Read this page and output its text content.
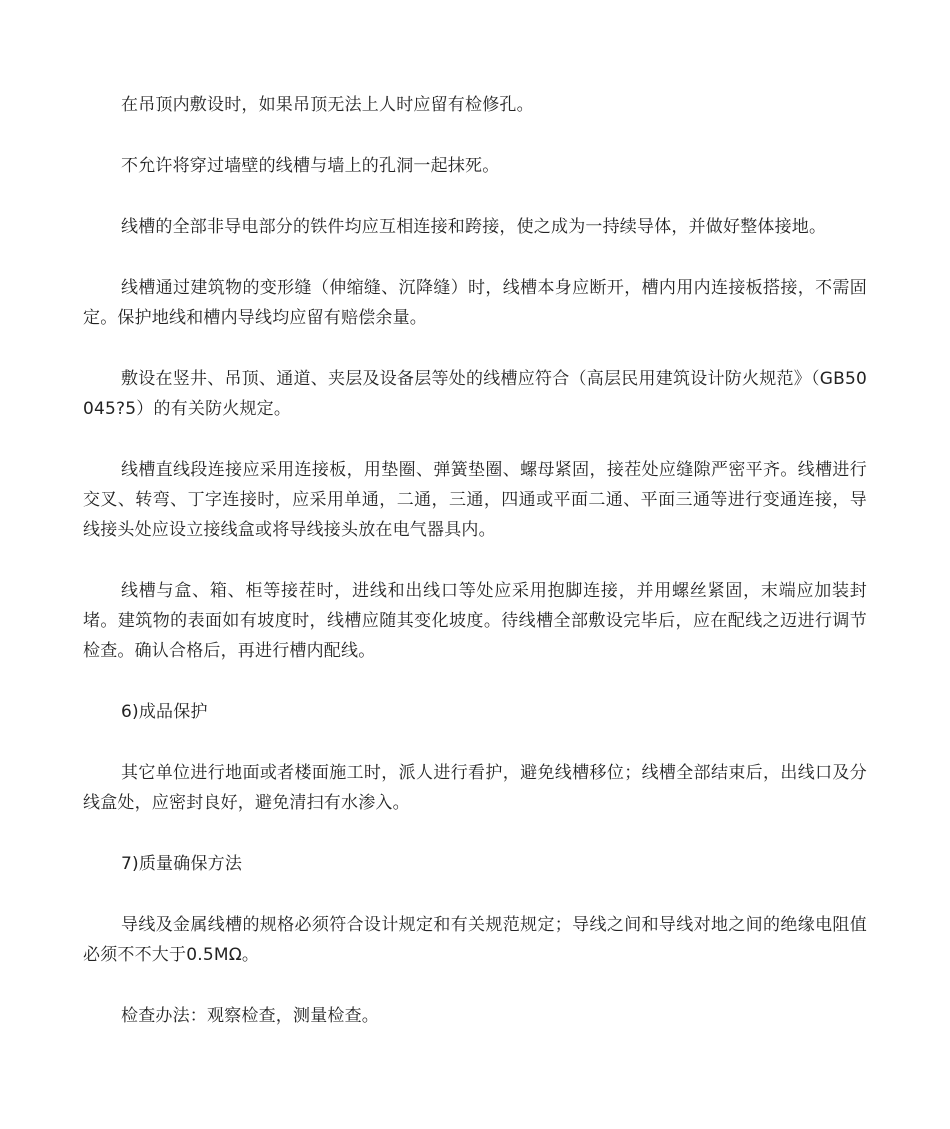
在吊顶内敷设时，如果吊顶无法上人时应留有检修孔。

不允许将穿过墙壁的线槽与墙上的孔洞一起抹死。

线槽的全部非导电部分的铁件均应互相连接和跨接，使之成为一持续导体，并做好整体接地。

线槽通过建筑物的变形缝（伸缩缝、沉降缝）时，线槽本身应断开，槽内用内连接板搭接，不需固定。保护地线和槽内导线均应留有赔偿余量。

敷设在竖井、吊顶、通道、夹层及设备层等处的线槽应符合（高层民用建筑设计防火规范》（GB50045?5）的有关防火规定。

线槽直线段连接应采用连接板，用垫圈、弹簧垫圈、螺母紧固，接茬处应缝隙严密平齐。线槽进行交叉、转弯、丁字连接时，应采用单通，二通，三通，四通或平面二通、平面三通等进行变通连接，导线接头处应设立接线盒或将导线接头放在电气器具内。

线槽与盒、箱、柜等接茬时，进线和出线口等处应采用抱脚连接，并用螺丝紧固，末端应加装封堵。建筑物的表面如有坡度时，线槽应随其变化坡度。待线槽全部敷设完毕后，应在配线之迈进行调节检查。确认合格后，再进行槽内配线。

6)成品保护

其它单位进行地面或者楼面施工时，派人进行看护，避免线槽移位；线槽全部结束后，出线口及分线盒处，应密封良好，避免清扫有水渗入。

7)质量确保方法

导线及金属线槽的规格必须符合设计规定和有关规范规定；导线之间和导线对地之间的绝缘电阻值必须不不大于0.5MΩ。

检查办法：观察检查，测量检查。
